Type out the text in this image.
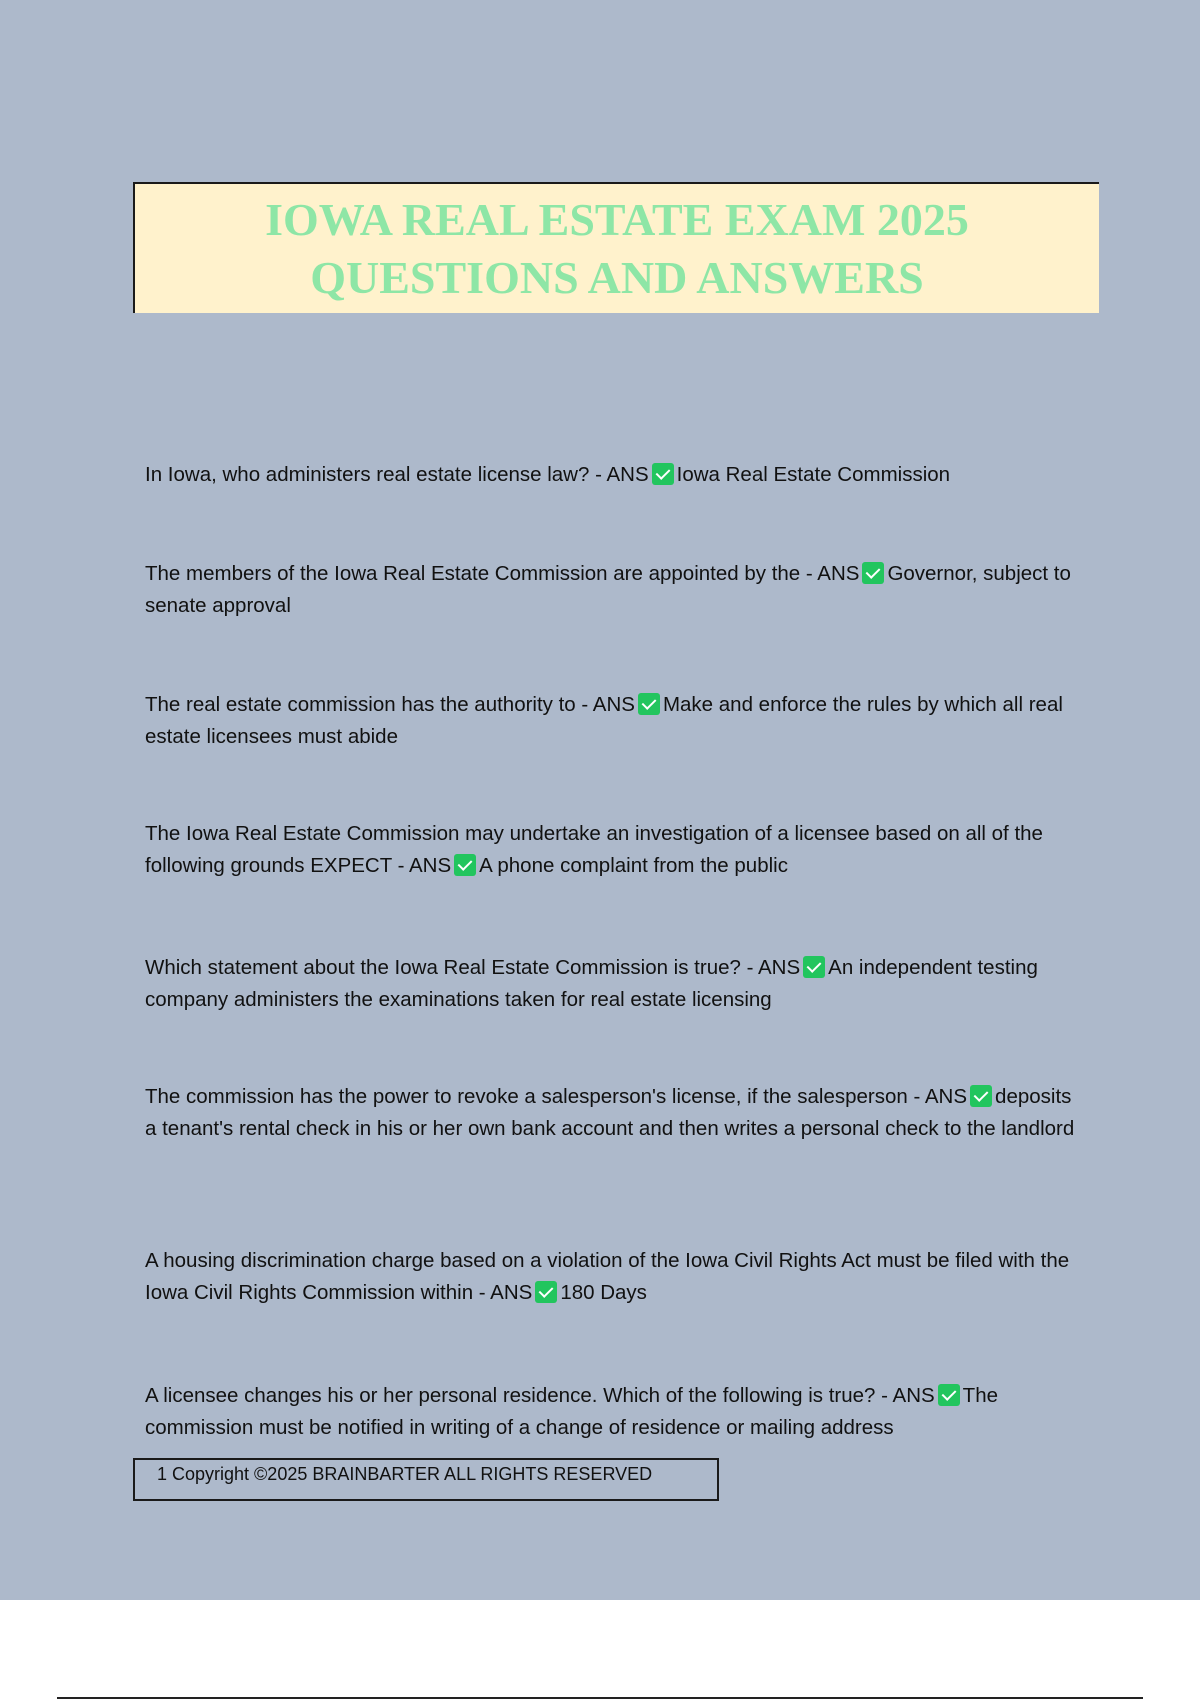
IOWA REAL ESTATE EXAM 2025
QUESTIONS AND ANSWERS
In Iowa, who administers real estate license law? - ANS Iowa Real Estate Commission
The members of the Iowa Real Estate Commission are appointed by the - ANS Governor, subject to senate approval
The real estate commission has the authority to - ANS Make and enforce the rules by which all real estate licensees must abide
The Iowa Real Estate Commission may undertake an investigation of a licensee based on all of the following grounds EXPECT - ANS A phone complaint from the public
Which statement about the Iowa Real Estate Commission is true? - ANS An independent testing company administers the examinations taken for real estate licensing
The commission has the power to revoke a salesperson's license, if the salesperson - ANS deposits a tenant's rental check in his or her own bank account and then writes a personal check to the landlord
A housing discrimination charge based on a violation of the Iowa Civil Rights Act must be filed with the Iowa Civil Rights Commission within - ANS 180 Days
A licensee changes his or her personal residence. Which of the following is true? - ANS The commission must be notified in writing of a change of residence or mailing address
1 Copyright ©2025 BRAINBARTER ALL RIGHTS RESERVED
